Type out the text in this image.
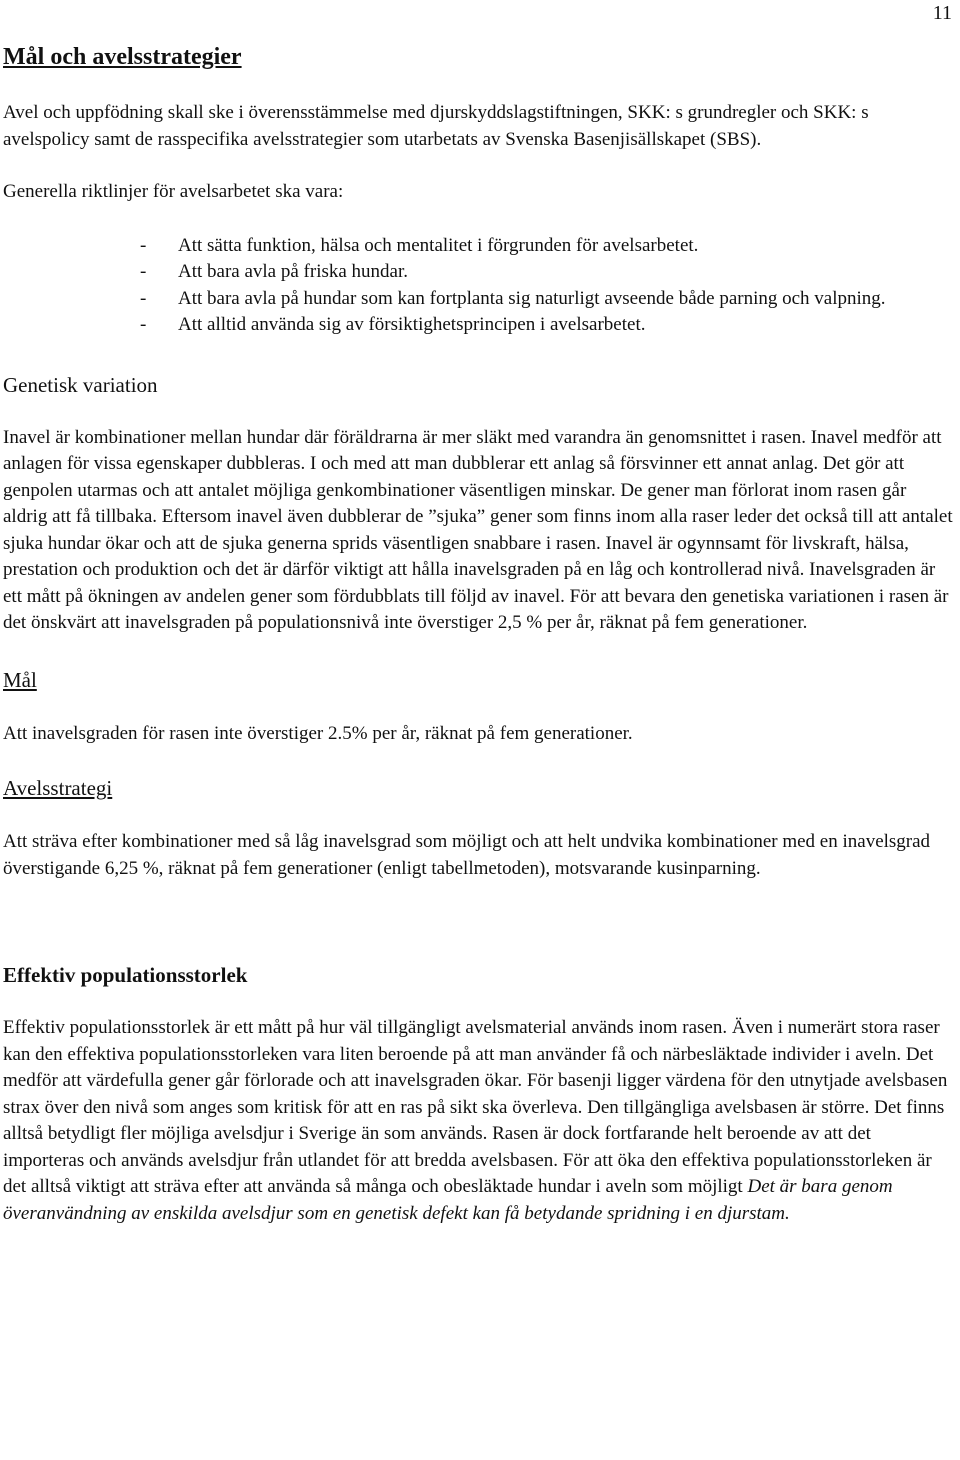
11
Mål och avelsstrategier

Avel och uppfödning skall ske i överensstämmelse med djurskyddslagstiftningen, SKK: s grundregler och SKK: s avelspolicy samt de rasspecifika avelsstrategier som utarbetats av Svenska Basenjisällskapet (SBS).

Generella riktlinjer för avelsarbetet ska vara:

- Att sätta funktion, hälsa och mentalitet i förgrunden för avelsarbetet.
- Att bara avla på friska hundar.
- Att bara avla på hundar som kan fortplanta sig naturligt avseende både parning och valpning.
- Att alltid använda sig av försiktighetsprincipen i avelsarbetet.
Genetisk variation

Inavel är kombinationer mellan hundar där föräldrarna är mer släkt med varandra än genomsnittet i rasen. Inavel medför att anlagen för vissa egenskaper dubbleras. I och med att man dubblerar ett anlag så försvinner ett annat anlag. Det gör att genpolen utarmas och att antalet möjliga genkombinationer väsentligen minskar. De gener man förlorat inom rasen går aldrig att få tillbaka. Eftersom inavel även dubblerar de ”sjuka” gener som finns inom alla raser leder det också till att antalet sjuka hundar ökar och att de sjuka generna sprids väsentligen snabbare i rasen. Inavel är ogynnsamt för livskraft, hälsa, prestation och produktion och det är därför viktigt att hålla inavelsgraden på en låg och kontrollerad nivå. Inavelsgraden är ett mått på ökningen av andelen gener som fördubblats till följd av inavel. För att bevara den genetiska variationen i rasen är det önskvärt att inavelsgraden på populationsnivå inte överstiger 2,5 % per år, räknat på fem generationer.

Mål

Att inavelsgraden för rasen inte överstiger 2.5% per år, räknat på fem generationer.

Avelsstrategi

Att sträva efter kombinationer med så låg inavelsgrad som möjligt och att helt undvika kombinationer med en inavelsgrad överstigande 6,25 %, räknat på fem generationer (enligt tabellmetoden), motsvarande kusinparning.

Effektiv populationsstorlek

Effektiv populationsstorlek är ett mått på hur väl tillgängligt avelsmaterial används inom rasen. Även i numerärt stora raser kan den effektiva populationsstorleken vara liten beroende på att man använder få och närbesläktade individer i aveln. Det medför att värdefulla gener går förlorade och att inavelsgraden ökar. För basenji ligger värdena för den utnytjade avelsbasen strax över den nivå som anges som kritisk för att en ras på sikt ska överleva. Den tillgängliga avelsbasen är större. Det finns alltså betydligt fler möjliga avelsdjur i Sverige än som används. Rasen är dock fortfarande helt beroende av att det importeras och används avelsdjur från utlandet för att bredda avelsbasen. För att öka den effektiva populationsstorleken är det alltså viktigt att sträva efter att använda så många och obesläktade hundar i aveln som möjligt Det är bara genom överanvändning av enskilda avelsdjur som en genetisk defekt kan få betydande spridning i en djurstam.
